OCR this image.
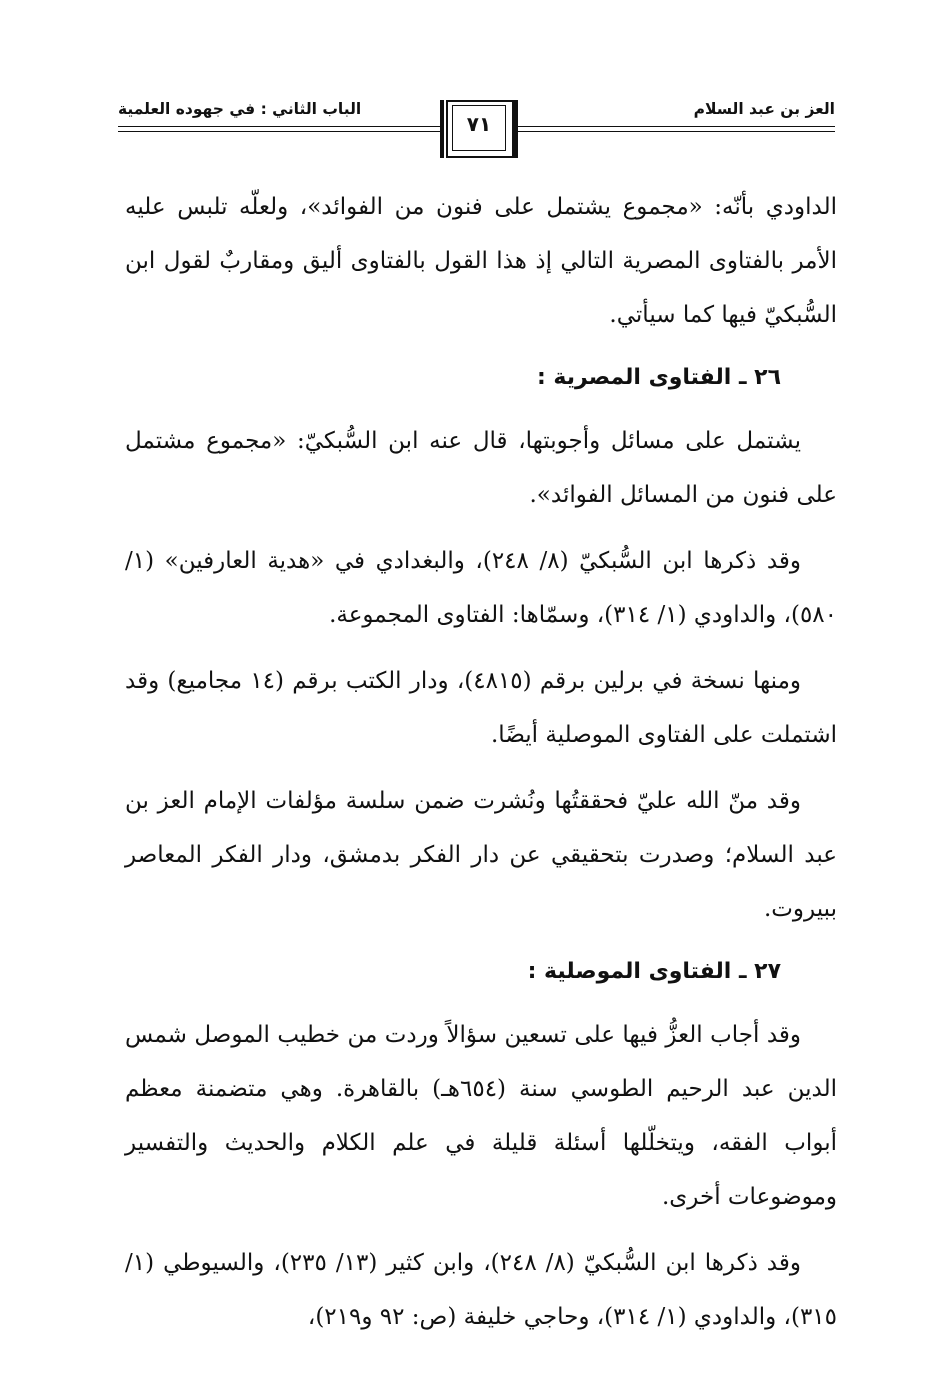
العز بن عبد السلام
الباب الثاني : في جهوده العلمية
٧١
الداودي بأنّه: «مجموع يشتمل على فنون من الفوائد»، ولعلّه تلبس عليه الأمر بالفتاوى المصرية التالي إذ هذا القول بالفتاوى أليق ومقاربٌ لقول ابن السُّبكيّ فيها كما سيأتي.
٢٦ ـ الفتاوى المصرية :
يشتمل على مسائل وأجوبتها، قال عنه ابن السُّبكيّ: «مجموع مشتمل على فنون من المسائل الفوائد».
وقد ذكرها ابن السُّبكيّ (٨/ ٢٤٨)، والبغدادي في «هدية العارفين» (١/ ٥٨٠)، والداودي (١/ ٣١٤)، وسمّاها: الفتاوى المجموعة.
ومنها نسخة في برلين برقم (٤٨١٥)، ودار الكتب برقم (١٤ مجاميع) وقد اشتملت على الفتاوى الموصلية أيضًا.
وقد منّ الله عليّ فحققتُها ونُشرت ضمن سلسة مؤلفات الإمام العز بن عبد السلام؛ وصدرت بتحقيقي عن دار الفكر بدمشق، ودار الفكر المعاصر ببيروت.
٢٧ ـ الفتاوى الموصلية :
وقد أجاب العزُّ فيها على تسعين سؤالاً وردت من خطيب الموصل شمس الدين عبد الرحيم الطوسي سنة (٦٥٤هـ) بالقاهرة. وهي متضمنة معظم أبواب الفقه، ويتخلّلها أسئلة قليلة في علم الكلام والحديث والتفسير وموضوعات أخرى.
وقد ذكرها ابن السُّبكيّ (٨/ ٢٤٨)، وابن كثير (١٣/ ٢٣٥)، والسيوطي (١/ ٣١٥)، والداودي (١/ ٣١٤)، وحاجي خليفة (ص: ٩٢ و٢١٩)،
